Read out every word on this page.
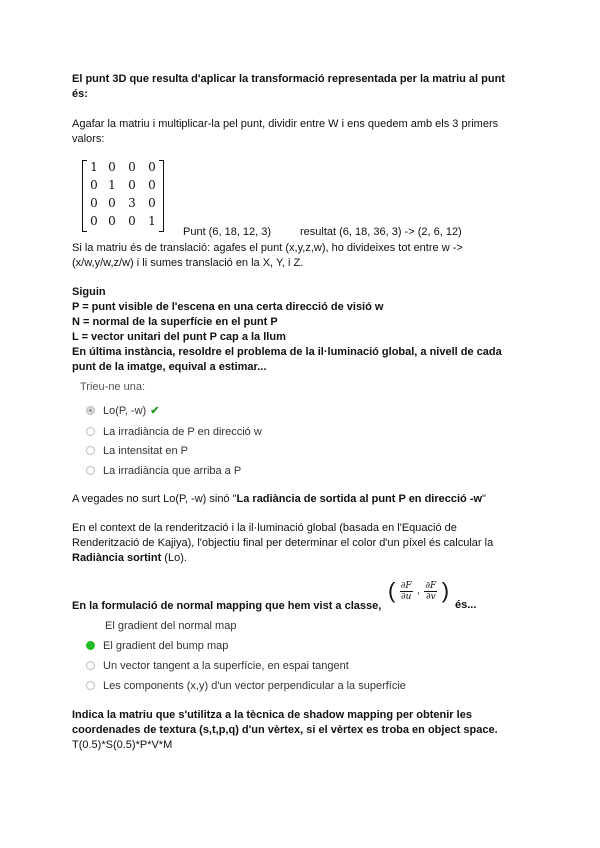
El punt 3D que resulta d'aplicar la transformació representada per la matriu al punt
és:
Agafar la matriu i multiplicar-la pel punt, dividir entre W i ens quedem amb els 3 primers
valors:
1 0 0 0
0 1 0 0
0 0 3 0
0 0 0 1
Punt (6, 18, 12, 3)	resultat (6, 18, 36, 3) -> (2, 6, 12)
Si la matriu és de translació: agafes el punt (x,y,z,w), ho divideixes tot entre w ->
(x/w,y/w,z/w) i li sumes translació en la X, Y, i Z.
Siguin
P = punt visible de l'escena en una certa direcció de visió w
N = normal de la superfície en el punt P
L = vector unitari del punt P cap a la llum
En última instància, resoldre el problema de la il·luminació global, a nivell de cada
punt de la imatge, equival a estimar...
Trieu-ne una:
Lo(P, -w) ✔
La irradiància de P en direcció w
La intensitat en P
La irradiància que arriba a P
A vegades no surt Lo(P, -w) sinó "La radiància de sortida al punt P en direcció -w"
En el context de la renderització i la il·luminació global (basada en l'Equació de
Renderització de Kajiya), l'objectiu final per determinar el color d'un píxel és calcular la
Radiància sortint (Lo).
En la formulació de normal mapping que hem vist a classe,
( $\frac{\partial F}{\partial u}$ , $\frac{\partial F}{\partial v}$ )
és...
El gradient del normal map
El gradient del bump map
Un vector tangent a la superfície, en espai tangent
Les components (x,y) d'un vector perpendicular a la superfície
Indica la matriu que s'utilitza a la tècnica de shadow mapping per obtenir les
coordenades de textura (s,t,p,q) d'un vèrtex, si el vèrtex es troba en object space.
T(0.5)*S(0.5)*P*V*M
